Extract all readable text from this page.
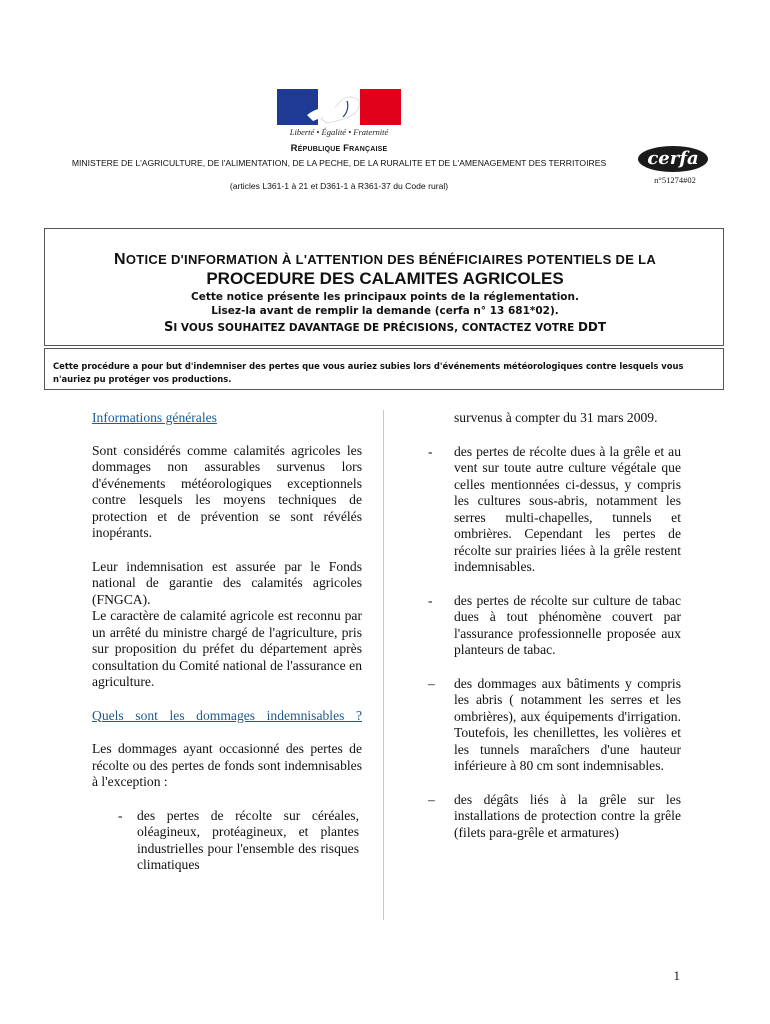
Liberté • Égalité • Fraternité
République Française
MINISTERE DE L'AGRICULTURE, DE l'ALIMENTATION, DE LA PECHE, DE LA RURALITE ET DE L'AMENAGEMENT DES TERRITOIRES
(articles L361-1 à 21 et D361-1 à R361-37 du Code rural)
cerfa
n°51274#02
NOTICE D'INFORMATION À L'ATTENTION DES BÉNÉFICIAIRES POTENTIELS DE LA
PROCEDURE DES CALAMITES AGRICOLES
Cette notice présente les principaux points de la réglementation.
Lisez-la avant de remplir la demande (cerfa n° 13 681*02).
SI VOUS SOUHAITEZ DAVANTAGE DE PRÉCISIONS, CONTACTEZ VOTRE DDT
Cette procédure a pour but d'indemniser des pertes que vous auriez subies lors d'événements météorologiques contre lesquels vous n'auriez pu protéger vos productions.
Informations générales

Sont considérés comme calamités agricoles les dommages non assurables survenus lors d'événements météorologiques exceptionnels contre lesquels les moyens techniques de protection et de prévention se sont révélés inopérants.

Leur indemnisation est assurée par le Fonds national de garantie des calamités agricoles (FNGCA).

Le caractère de calamité agricole est reconnu par un arrêté du ministre chargé de l'agriculture, pris sur proposition du préfet du département après consultation du Comité national de l'assurance en agriculture.

Quels sont les dommages indemnisables ?

Les dommages ayant occasionné des pertes de récolte ou des pertes de fonds sont indemnisables à l'exception :

- des pertes de récolte sur céréales, oléagineux, protéagineux, et plantes industrielles pour l'ensemble des risques climatiques

survenus à compter du 31 mars 2009.

- des pertes de récolte dues à la grêle et au vent sur toute autre culture végétale que celles mentionnées ci-dessus, y compris les cultures sous-abris, notamment les serres multi-chapelles, tunnels et ombrières. Cependant les pertes de récolte sur prairies liées à la grêle restent indemnisables.
- des pertes de récolte sur culture de tabac dues à tout phénomène couvert par l'assurance professionnelle proposée aux planteurs de tabac.
– des dommages aux bâtiments y compris les abris ( notamment les serres et les ombrières), aux équipements d'irrigation. Toutefois, les chenillettes, les volières et les tunnels maraîchers d'une hauteur inférieure à 80 cm sont indemnisables.
– des dégâts liés à la grêle sur les installations de protection contre la grêle (filets para-grêle et armatures)
1
